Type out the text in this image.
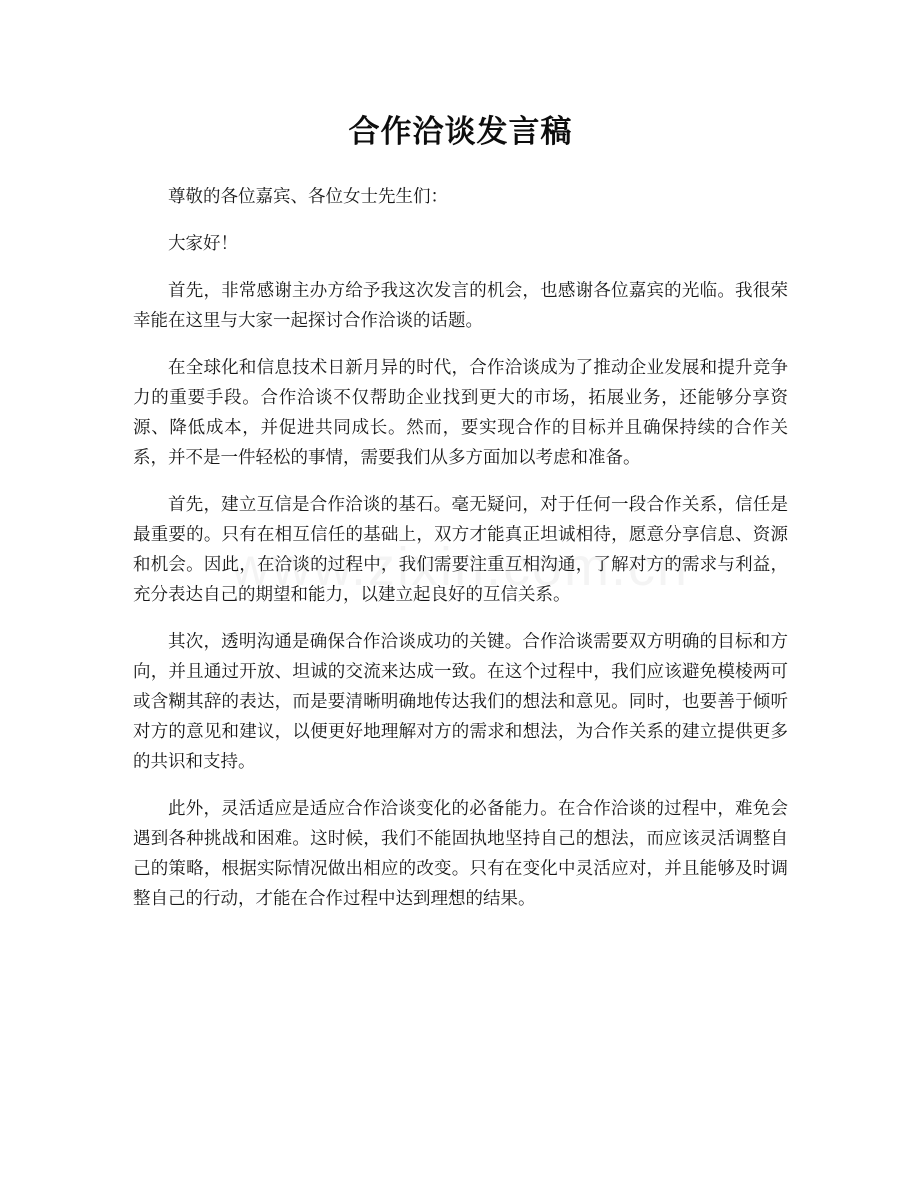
合作洽谈发言稿

尊敬的各位嘉宾、各位女士先生们：

大家好！

首先，非常感谢主办方给予我这次发言的机会，也感谢各位嘉宾的光临。我很荣幸能在这里与大家一起探讨合作洽谈的话题。

在全球化和信息技术日新月异的时代，合作洽谈成为了推动企业发展和提升竞争力的重要手段。合作洽谈不仅帮助企业找到更大的市场，拓展业务，还能够分享资源、降低成本，并促进共同成长。然而，要实现合作的目标并且确保持续的合作关系，并不是一件轻松的事情，需要我们从多方面加以考虑和准备。

首先，建立互信是合作洽谈的基石。毫无疑问，对于任何一段合作关系，信任是最重要的。只有在相互信任的基础上，双方才能真正坦诚相待，愿意分享信息、资源和机会。因此，在洽谈的过程中，我们需要注重互相沟通，了解对方的需求与利益，充分表达自己的期望和能力，以建立起良好的互信关系。

其次，透明沟通是确保合作洽谈成功的关键。合作洽谈需要双方明确的目标和方向，并且通过开放、坦诚的交流来达成一致。在这个过程中，我们应该避免模棱两可或含糊其辞的表达，而是要清晰明确地传达我们的想法和意见。同时，也要善于倾听对方的意见和建议，以便更好地理解对方的需求和想法，为合作关系的建立提供更多的共识和支持。

此外，灵活适应是适应合作洽谈变化的必备能力。在合作洽谈的过程中，难免会遇到各种挑战和困难。这时候，我们不能固执地坚持自己的想法，而应该灵活调整自己的策略，根据实际情况做出相应的改变。只有在变化中灵活应对，并且能够及时调整自己的行动，才能在合作过程中达到理想的结果。
